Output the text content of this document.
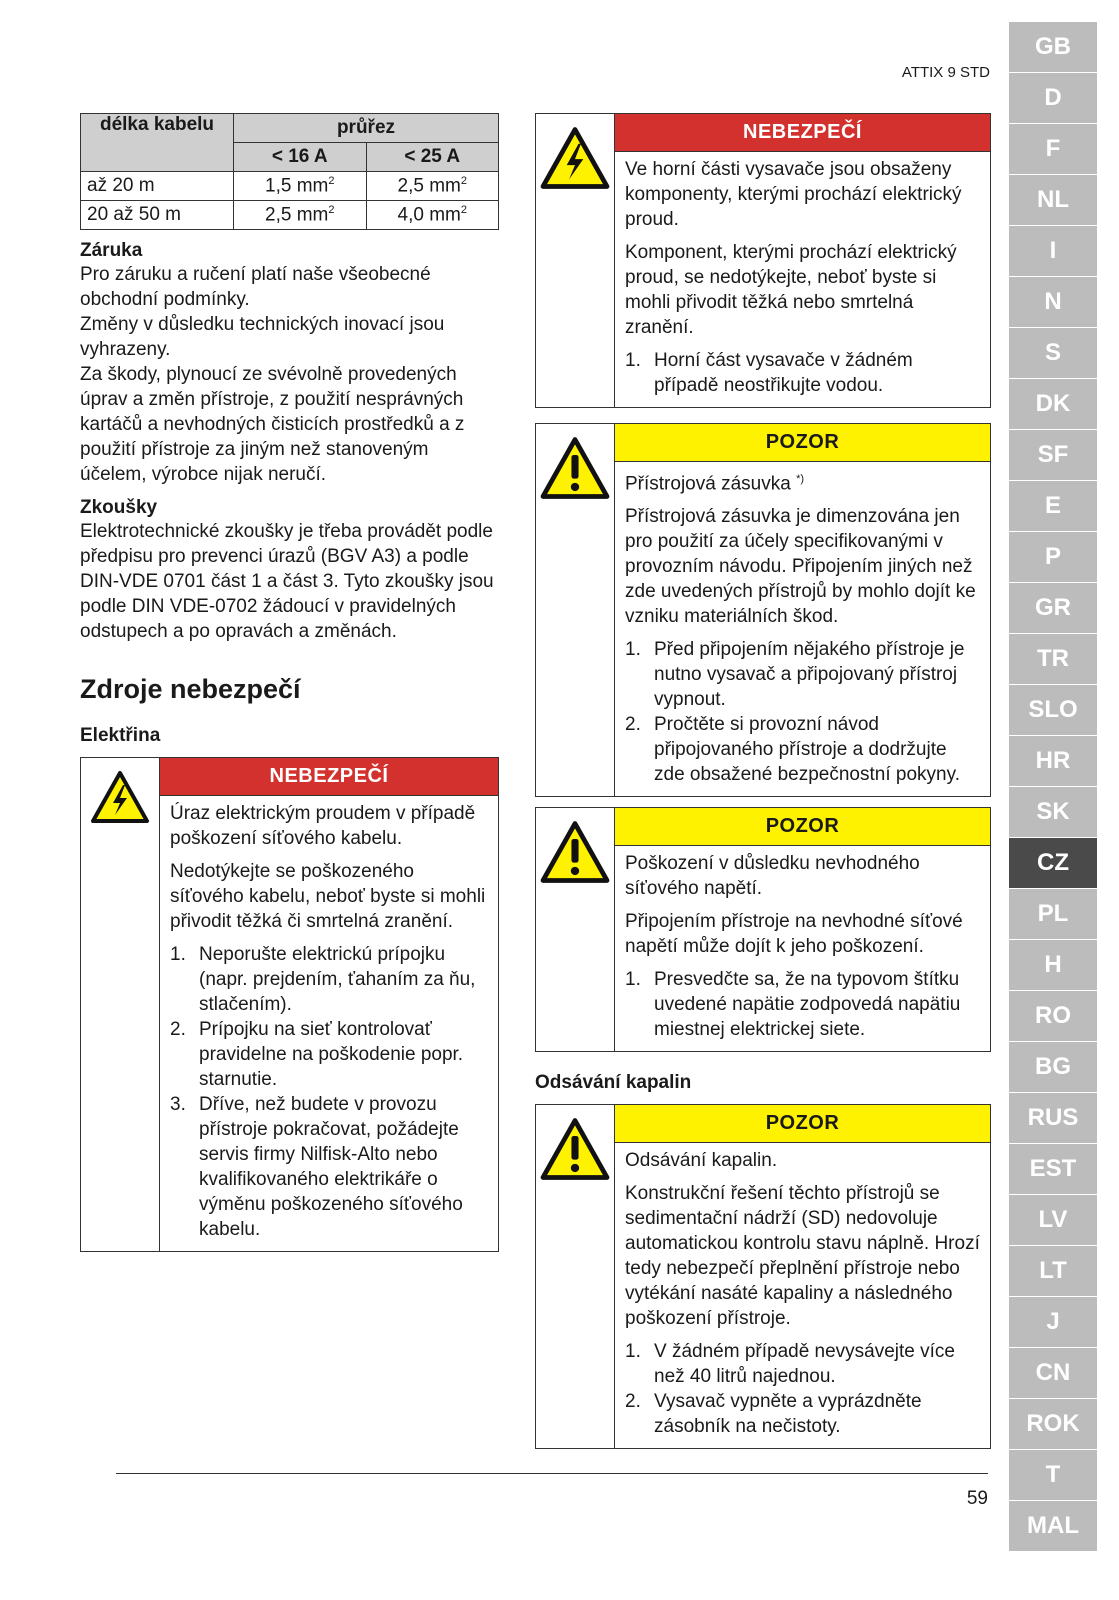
ATTIX 9 STD
délka kabelu	průřez	
	< 16 A	< 25 A
až 20 m	1,5 $mm^2$	2,5 $mm^2$
20 až 50 m	2,5 $mm^2$	4,0 $mm^2$
Záruka

Pro záruku a ručení platí naše všeobecné obchodní podmínky.

Změny v důsledku technických inovací jsou vyhrazeny.

Za škody, plynoucí ze svévolně provedených úprav a změn přístroje, z použití nesprávných kartáčů a nevhodných čisticích prostředků a z použití přístroje za jiným než stanoveným účelem, výrobce nijak neručí.

Zkoušky

Elektrotechnické zkoušky je třeba provádět podle předpisu pro prevenci úrazů (BGV A3) a podle DIN-VDE 0701 část 1 a část 3. Tyto zkoušky jsou podle DIN VDE-0702 žádoucí v pravidelných odstupech a po opravách a změnách.

Zdroje nebezpečí
Elektřina
NEBEZPEČÍ

Úraz elektrickým proudem v případě poškození síťového kabelu.

Nedotýkejte se poškozeného síťového kabelu, neboť byste si mohli přivodit těžká či smrtelná zranění.

1. Neporušte elektrickú prípojku (napr. prejdením, ťahaním za ňu, stlačením).
2. Prípojku na sieť kontrolovať pravidelne na poškodenie popr. starnutie.
3. Dříve, než budete v provozu přístroje pokračovat, požádejte servis firmy Nilfisk-Alto nebo kvalifikovaného elektrikáře o výměnu poškozeného síťového kabelu.
NEBEZPEČÍ

Ve horní části vysavače jsou obsaženy komponenty, kterými prochází elektrický proud.

Komponent, kterými prochází elektrický proud, se nedotýkejte, neboť byste si mohli přivodit těžká nebo smrtelná zranění.

1. Horní část vysavače v žádném případě neostřikujte vodou.
POZOR

Přístrojová zásuvka *)

Přístrojová zásuvka je dimenzována jen pro použití za účely specifikovanými v provozním návodu. Připojením jiných než zde uvedených přístrojů by mohlo dojít ke vzniku materiálních škod.

1. Před připojením nějakého přístroje je nutno vysavač a připojovaný přístroj vypnout.
2. Pročtěte si provozní návod připojovaného přístroje a dodržujte zde obsažené bezpečnostní pokyny.
POZOR

Poškození v důsledku nevhodného síťového napětí.

Připojením přístroje na nevhodné síťové napětí může dojít k jeho poškození.

1. Presvedčte sa, že na typovom štítku uvedené napätie zodpovedá napätiu miestnej elektrickej siete.
Odsávání kapalin
POZOR

Odsávání kapalin.

Konstrukční řešení těchto přístrojů se sedimentační nádrží (SD) nedovoluje automatickou kontrolu stavu náplně. Hrozí tedy nebezpečí přeplnění přístroje nebo vytékání nasáté kapaliny a následného poškození přístroje.

1. V žádném případě nevysávejte více než 40 litrů najednou.
2. Vysavač vypněte a vyprázdněte zásobník na nečistoty.
GB
D
F
NL
I
N
S
DK
SF
E
P
GR
TR
SLO
HR
SK
CZ
PL
H
RO
BG
RUS
EST
LV
LT
J
CN
ROK
T
MAL
59
